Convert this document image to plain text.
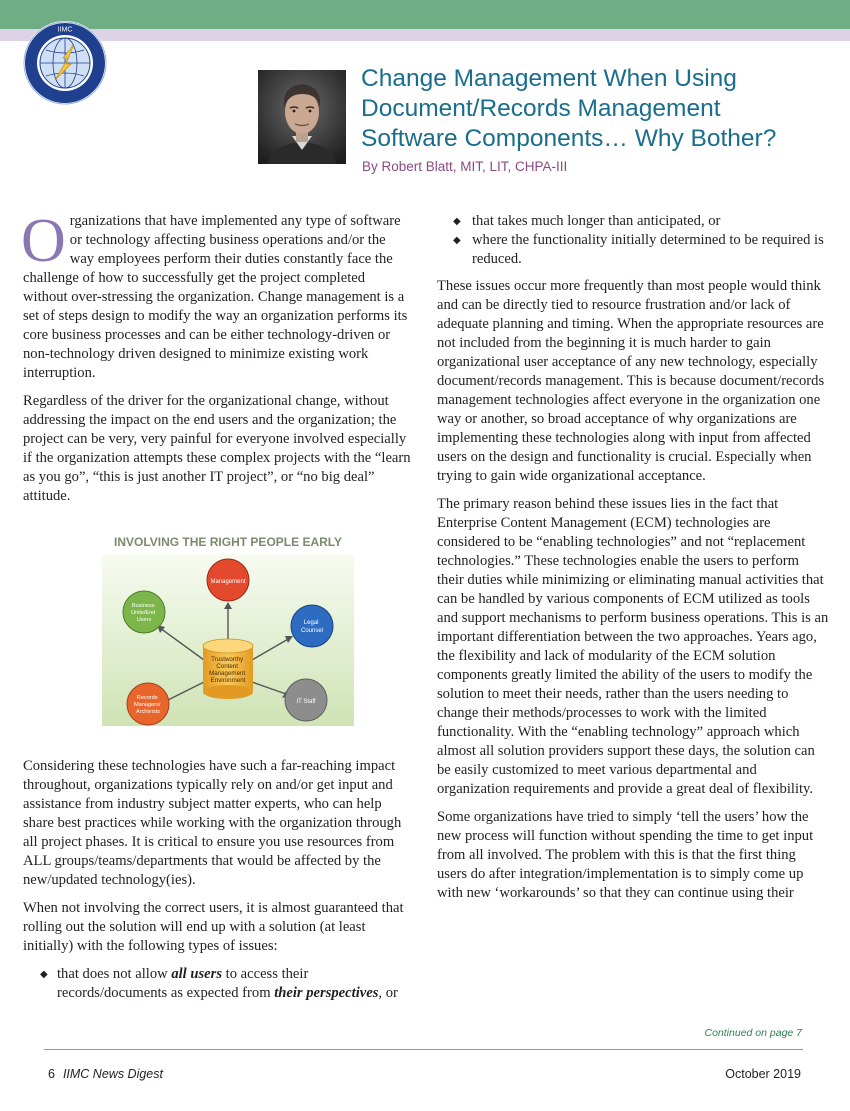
IIMC
Change Management When Using Document/Records Management Software Components… Why Bother?

By Robert Blatt, MIT, LIT, CHPA-III

Organizations that have implemented any type of software or technology affecting business operations and/or the way employees perform their duties constantly face the challenge of how to successfully get the project completed without over-stressing the organization. Change management is a set of steps design to modify the way an organization performs its core business processes and can be either technology-driven or non-technology driven designed to minimize existing work interruption.

Regardless of the driver for the organizational change, without addressing the impact on the end users and the organization; the project can be very, very painful for everyone involved especially if the organization attempts these complex projects with the “learn as you go”, “this is just another IT project”, or “no big deal” attitude.

INVOLVING THE RIGHT PEOPLE EARLY
Trustworthy Content Management Environment
Management
Business Units/End Users	Legal Counsel
Records Managers/ Archivists
IT Staff

Considering these technologies have such a far-reaching impact throughout, organizations typically rely on and/or get input and assistance from industry subject matter experts, who can help share best practices while working with the organization through all project phases. It is critical to ensure you use resources from ALL groups/teams/departments that would be affected by the new/updated technology(ies).

When not involving the correct users, it is almost guaranteed that rolling out the solution will end up with a solution (at least initially) with the following types of issues:

◆ that does not allow all users to access their records/documents as expected from their perspectives, or
◆ that takes much longer than anticipated, or
◆ where the functionality initially determined to be required is reduced.

These issues occur more frequently than most people would think and can be directly tied to resource frustration and/or lack of adequate planning and timing. When the appropriate resources are not included from the beginning it is much harder to gain organizational user acceptance of any new technology, especially document/records management. This is because document/records management technologies affect everyone in the organization one way or another, so broad acceptance of why organizations are implementing these technologies along with input from affected users on the design and functionality is crucial. Especially when trying to gain wide organizational acceptance.

The primary reason behind these issues lies in the fact that Enterprise Content Management (ECM) technologies are considered to be “enabling technologies” and not “replacement technologies.” These technologies enable the users to perform their duties while minimizing or eliminating manual activities that can be handled by various components of ECM utilized as tools and support mechanisms to perform business operations. This is an important differentiation between the two approaches. Years ago, the flexibility and lack of modularity of the ECM solution components greatly limited the ability of the users to modify the solution to meet their needs, rather than the users needing to change their methods/processes to work with the limited functionality. With the “enabling technology” approach which almost all solution providers support these days, the solution can be easily customized to meet various departmental and organization requirements and provide a great deal of flexibility.

Some organizations have tried to simply ‘tell the users’ how the new process will function without spending the time to get input from all involved. The problem with this is that the first thing users do after integration/implementation is to simply come up with new ‘workarounds’ so that they can continue using their

Continued on page 7

6 IIMC News Digest	October 2019
